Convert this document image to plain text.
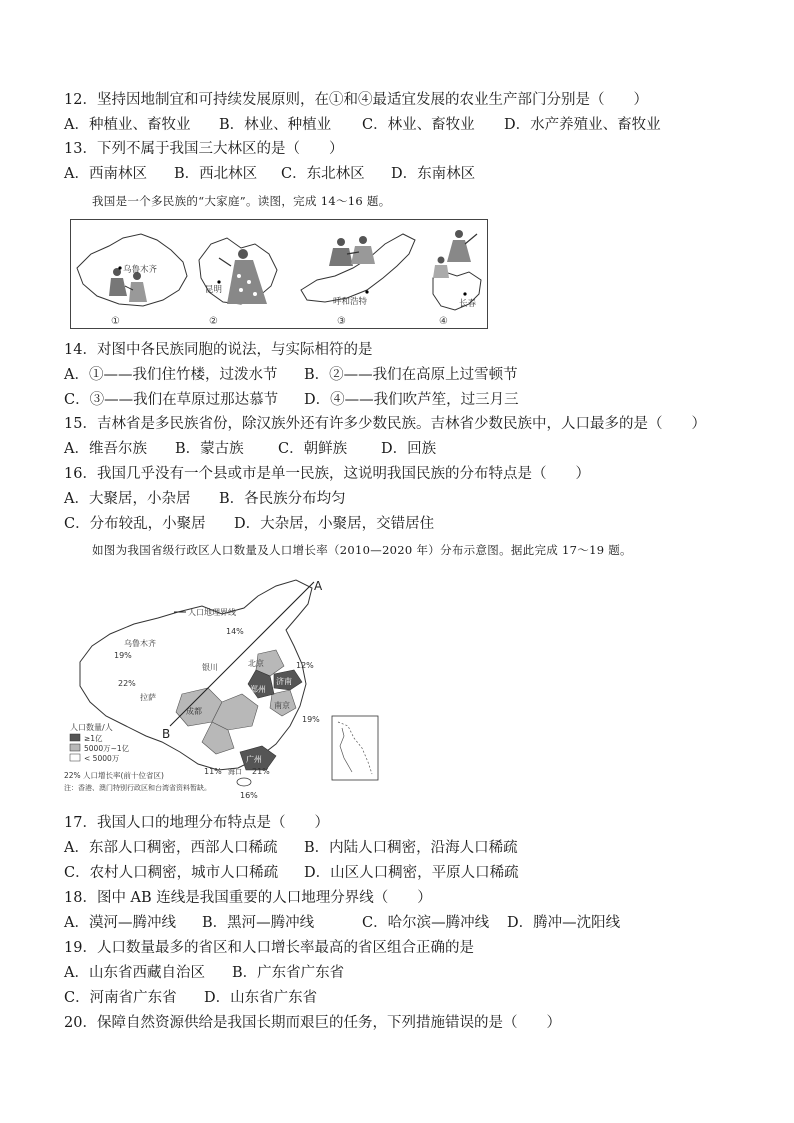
12．坚持因地制宜和可持续发展原则，在①和④最适宜发展的农业生产部门分别是（　　）
A．种植业、畜牧业 B．林业、种植业 C．林业、畜牧业 D．水产养殖业、畜牧业
13．下列不属于我国三大林区的是（　　）
A．西南林区 B．西北林区 C．东北林区 D．东南林区
我国是一个多民族的“大家庭”。读图，完成 14～16 题。
乌鲁木齐
①
昆明
②
呼和浩特
③
长春
④
14．对图中各民族同胞的说法，与实际相符的是
A．①——我们住竹楼，过泼水节 B．②——我们在高原上过雪顿节
C．③——我们在草原过那达慕节 D．④——我们吹芦笙，过三月三
15．吉林省是多民族省份，除汉族外还有许多少数民族。吉林省少数民族中，人口最多的是（　　）
A．维吾尔族 B．蒙古族 C．朝鲜族 D．回族
16．我国几乎没有一个县或市是单一民族，这说明我国民族的分布特点是（　　）
A．大聚居，小杂居 B．各民族分布均匀
C．分布较乱，小聚居 D．大杂居，小聚居，交错居住
如图为我国省级行政区人口数量及人口增长率（2010—2020 年）分布示意图。据此完成 17～19 题。
A
B
人口地理界线
乌鲁木齐
银川
拉萨
北京
郑州
济南
成都
南京
广州
海口
14%
19%
22%
12%
19%
21%
11%
16%
人口数量/人
≥1亿
5000万~1亿
< 5000万
22% 人口增长率(前十位省区)
注：香港、澳门特别行政区和台湾省资料暂缺。
17．我国人口的地理分布特点是（　　）
A．东部人口稠密，西部人口稀疏 B．内陆人口稠密，沿海人口稀疏
C．农村人口稠密，城市人口稀疏 D．山区人口稠密，平原人口稀疏
18．图中 AB 连线是我国重要的人口地理分界线（　　）
A．漠河—腾冲线 B．黑河—腾冲线	C．哈尔滨—腾冲线 D．腾冲—沈阳线
19．人口数量最多的省区和人口增长率最高的省区组合正确的是
A．山东省西藏自治区 B．广东省广东省
C．河南省广东省 D．山东省广东省
20．保障自然资源供给是我国长期而艰巨的任务，下列措施错误的是（　　）
